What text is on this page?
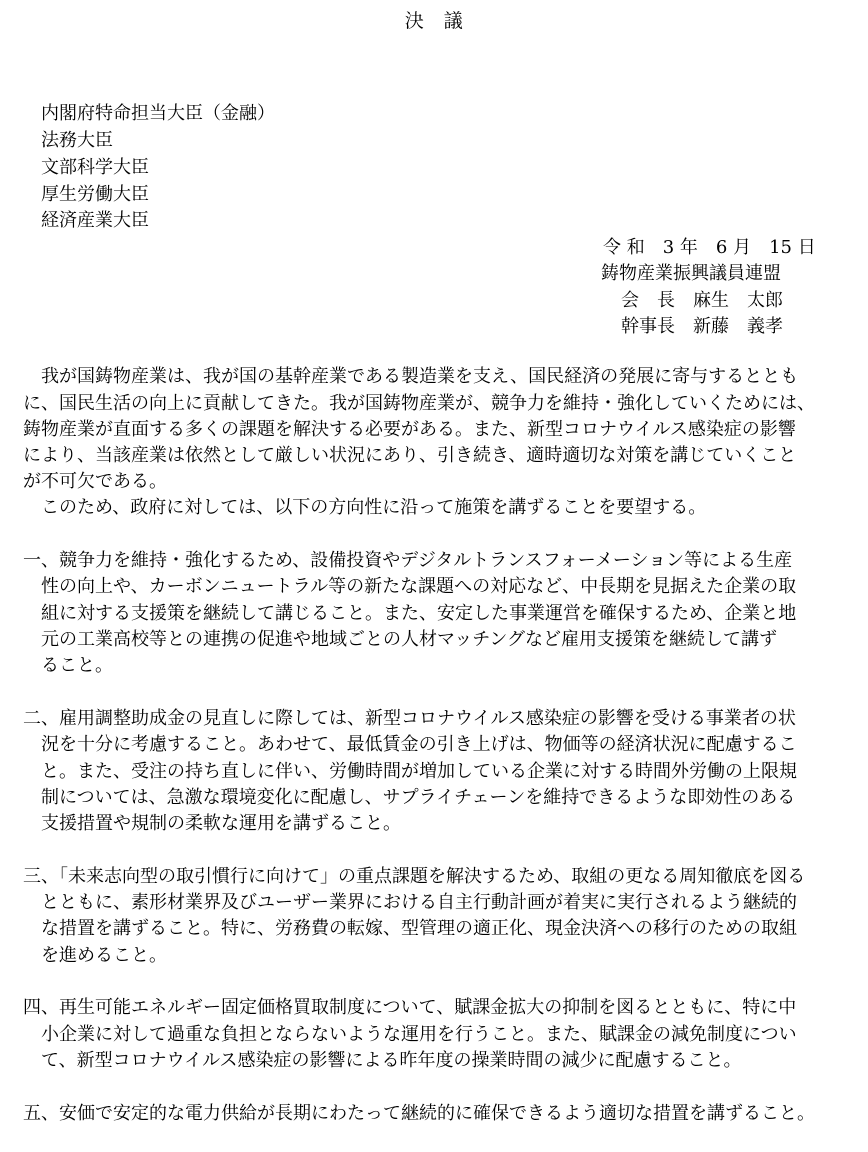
決　議
内閣府特命担当大臣（金融）
法務大臣
文部科学大臣
厚生労働大臣
経済産業大臣
令 和　3 年　6 月　15 日
鋳物産業振興議員連盟
会　長　麻生　太郎
幹事長　新藤　義孝
我が国鋳物産業は、我が国の基幹産業である製造業を支え、国民経済の発展に寄与するととも
に、国民生活の向上に貢献してきた。我が国鋳物産業が、競争力を維持・強化していくためには、
鋳物産業が直面する多くの課題を解決する必要がある。また、新型コロナウイルス感染症の影響
により、当該産業は依然として厳しい状況にあり、引き続き、適時適切な対策を講じていくこと
が不可欠である。
このため、政府に対しては、以下の方向性に沿って施策を講ずることを要望する。
一、競争力を維持・強化するため、設備投資やデジタルトランスフォーメーション等による生産
性の向上や、カーボンニュートラル等の新たな課題への対応など、中長期を見据えた企業の取
組に対する支援策を継続して講じること。また、安定した事業運営を確保するため、企業と地
元の工業高校等との連携の促進や地域ごとの人材マッチングなど雇用支援策を継続して講ず
ること。
二、雇用調整助成金の見直しに際しては、新型コロナウイルス感染症の影響を受ける事業者の状
況を十分に考慮すること。あわせて、最低賃金の引き上げは、物価等の経済状況に配慮するこ
と。また、受注の持ち直しに伴い、労働時間が増加している企業に対する時間外労働の上限規
制については、急激な環境変化に配慮し、サプライチェーンを維持できるような即効性のある
支援措置や規制の柔軟な運用を講ずること。
三、「未来志向型の取引慣行に向けて」の重点課題を解決するため、取組の更なる周知徹底を図る
とともに、素形材業界及びユーザー業界における自主行動計画が着実に実行されるよう継続的
な措置を講ずること。特に、労務費の転嫁、型管理の適正化、現金決済への移行のための取組
を進めること。
四、再生可能エネルギー固定価格買取制度について、賦課金拡大の抑制を図るとともに、特に中
小企業に対して過重な負担とならないような運用を行うこと。また、賦課金の減免制度につい
て、新型コロナウイルス感染症の影響による昨年度の操業時間の減少に配慮すること。
五、安価で安定的な電力供給が長期にわたって継続的に確保できるよう適切な措置を講ずること。
